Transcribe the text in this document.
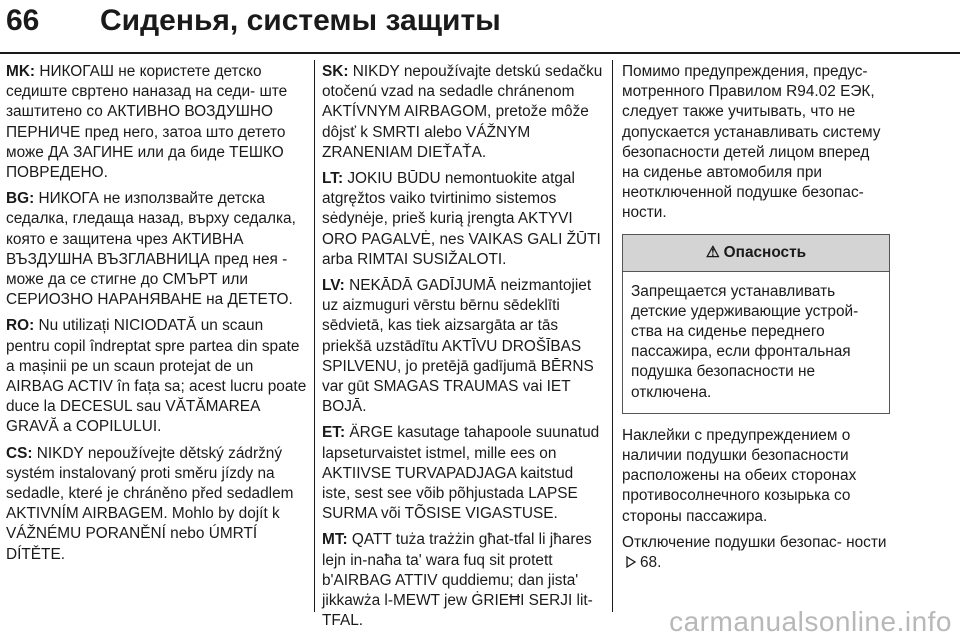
66 Сиденья, системы защиты

MK: НИКОГАШ не користете детско седиште свртено наназад на седи- ште заштитено со АКТИВНО ВОЗДУШНО ПЕРНИЧЕ пред него, затоа што детето може ДА ЗАГИНЕ или да биде ТЕШКО ПОВРЕДЕНО.

BG: НИКОГА не използвайте детска седалка, гледаща назад, върху седалка, която е защитена чрез АКТИВНА ВЪЗДУШНА ВЪЗГЛАВНИЦА пред нея - може да се стигне до СМЪРТ или СЕРИОЗНО НАРАНЯВАНЕ на ДЕТЕТО.

RO: Nu utilizați NICIODATĂ un scaun pentru copil îndreptat spre partea din spate a mașinii pe un scaun protejat de un AIRBAG ACTIV în fața sa; acest lucru poate duce la DECESUL sau VĂTĂMAREA GRAVĂ a COPILULUI.

CS: NIKDY nepoužívejte dětský zádržný systém instalovaný proti směru jízdy na sedadle, které je chráněno před sedadlem AKTIVNÍM AIRBAGEM. Mohlo by dojít k VÁŽNÉMU PORANĚNÍ nebo ÚMRTÍ DÍTĚTE.

SK: NIKDY nepoužívajte detskú sedačku otočenú vzad na sedadle chránenom AKTÍVNYM AIRBAGOM, pretože môže dôjsť k SMRTI alebo VÁŽNYM ZRANENIAM DIEŤAŤA.

LT: JOKIU BŪDU nemontuokite atgal atgręžtos vaiko tvirtinimo sistemos sėdynėje, prieš kurią įrengta AKTYVI ORO PAGALVĖ, nes VAIKAS GALI ŽŪTI arba RIMTAI SUSIŽALOTI.

LV: NEKĀDĀ GADĪJUMĀ neizmantojiet uz aizmuguri vērstu bērnu sēdeklīti sēdvietā, kas tiek aizsargāta ar tās priekšā uzstādītu AKTĪVU DROŠĪBAS SPILVENU, jo pretējā gadījumā BĒRNS var gūt SMAGAS TRAUMAS vai IET BOJĀ.

ET: ÄRGE kasutage tahapoole suunatud lapseturvaistet istmel, mille ees on AKTIIVSE TURVAPADJAGA kaitstud iste, sest see võib põhjustada LAPSE SURMA või TÕSISE VIGASTUSE.

MT: QATT tuża trażżin għat-tfal li jħares lejn in-naħa ta' wara fuq sit protett b'AIRBAG ATTIV quddiemu; dan jista' jikkawża l-MEWT jew ĠRIEĦI SERJI lit-TFAL.

Помимо предупреждения, предус- мотренного Правилом R94.02 ЕЭК, следует также учитывать, что не допускается устанавливать систему безопасности детей лицом вперед на сиденье автомобиля при неотключенной подушке безопас- ности.

⚠ Опасность
Запрещается устанавливать детские удерживающие устрой- ства на сиденье переднего пассажира, если фронтальная подушка безопасности не отключена.

Наклейки с предупреждением о наличии подушки безопасности расположены на обеих сторонах противосолнечного козырька со стороны пассажира.

Отключение подушки безопас- ности68.

carmanualsonline.info
